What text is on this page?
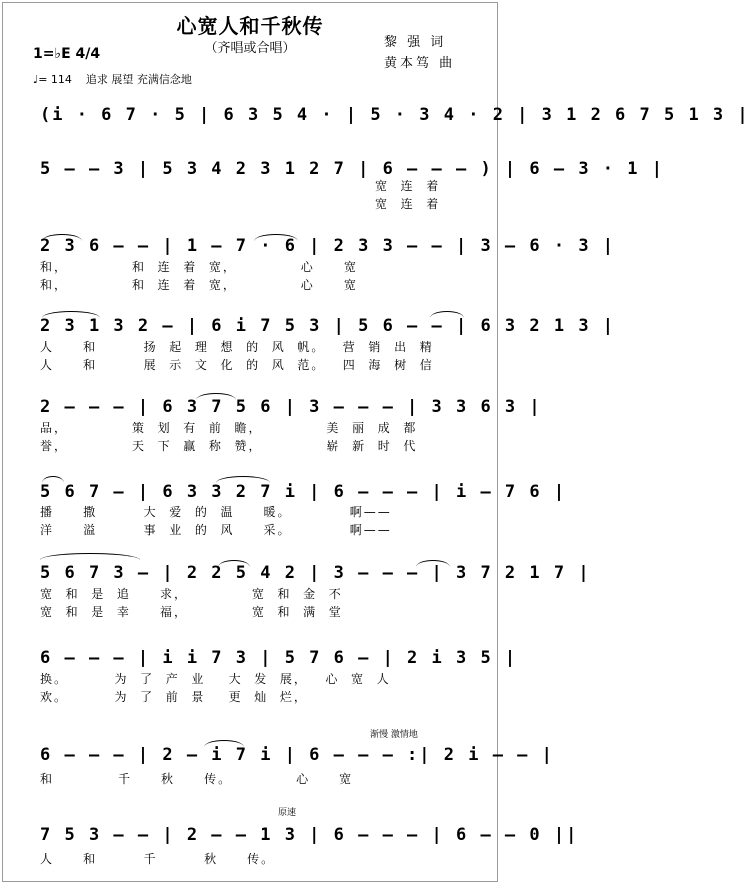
心宽人和千秋传
（齐唱或合唱）	黎 强 词
黄本笃 曲
1=♭E 4/4
♩= 114 追求 展望 充满信念地
(i · 6 7 · 5 | 6 3 5 4 · | 5 · 3 4 · 2 | 3 1 2 6 7 5 1 3 |
5 – – 3 | 5 3 4 2 3 1 2 7 | 6 – – – ) | 6 – 3 · 1 |
宽  连  着
宽  连  着
2 3 6 – – | 1 – 7 · 6 | 2 3 3 – – | 3 – 6 · 3 |
和，           和  连  着  宽，           心     宽
和，           和  连  着  宽，           心     宽
2 3 1 3 2 – | 6 i 7 5 3 | 5 6 – – | 6 3 2 1 3 |
人     和        扬  起  理  想  的  风  帆。   营  销  出  精
人     和        展  示  文  化  的  风  范。   四  海  树  信
2 – – – | 6 3 7 5 6 | 3 – – – | 3 3 6 3 |
品，           策  划  有  前  瞻，           美  丽  成  都
誉，           天  下  赢  称  赞，           崭  新  时  代
5 6 7 – | 6 3 3 2 7 i | 6 – – – | i – 7 6 |
播     撒        大  爱  的  温     暖。          啊——
洋     溢        事  业  的  风     采。          啊——
5 6 7 3 – | 2 2 5 4 2 | 3 – – – | 3 7 2 1 7 |
宽  和  是  追     求，           宽  和  金  不
宽  和  是  幸     福，           宽  和  满  堂
6 – – – | i i 7 3 | 5 7 6 – | 2 i 3 5 |
换。        为  了  产  业    大  发  展，   心  宽  人
欢。        为  了  前  景    更  灿  烂，
渐慢 激情地
6 – – – | 2 – i 7 i | 6 – – – :| 2 i – – |
和           千     秋     传。           心     宽
原速
7 5 3 – – | 2 – – 1 3 | 6 – – – | 6 – – 0 ||
人     和        千        秋     传。
